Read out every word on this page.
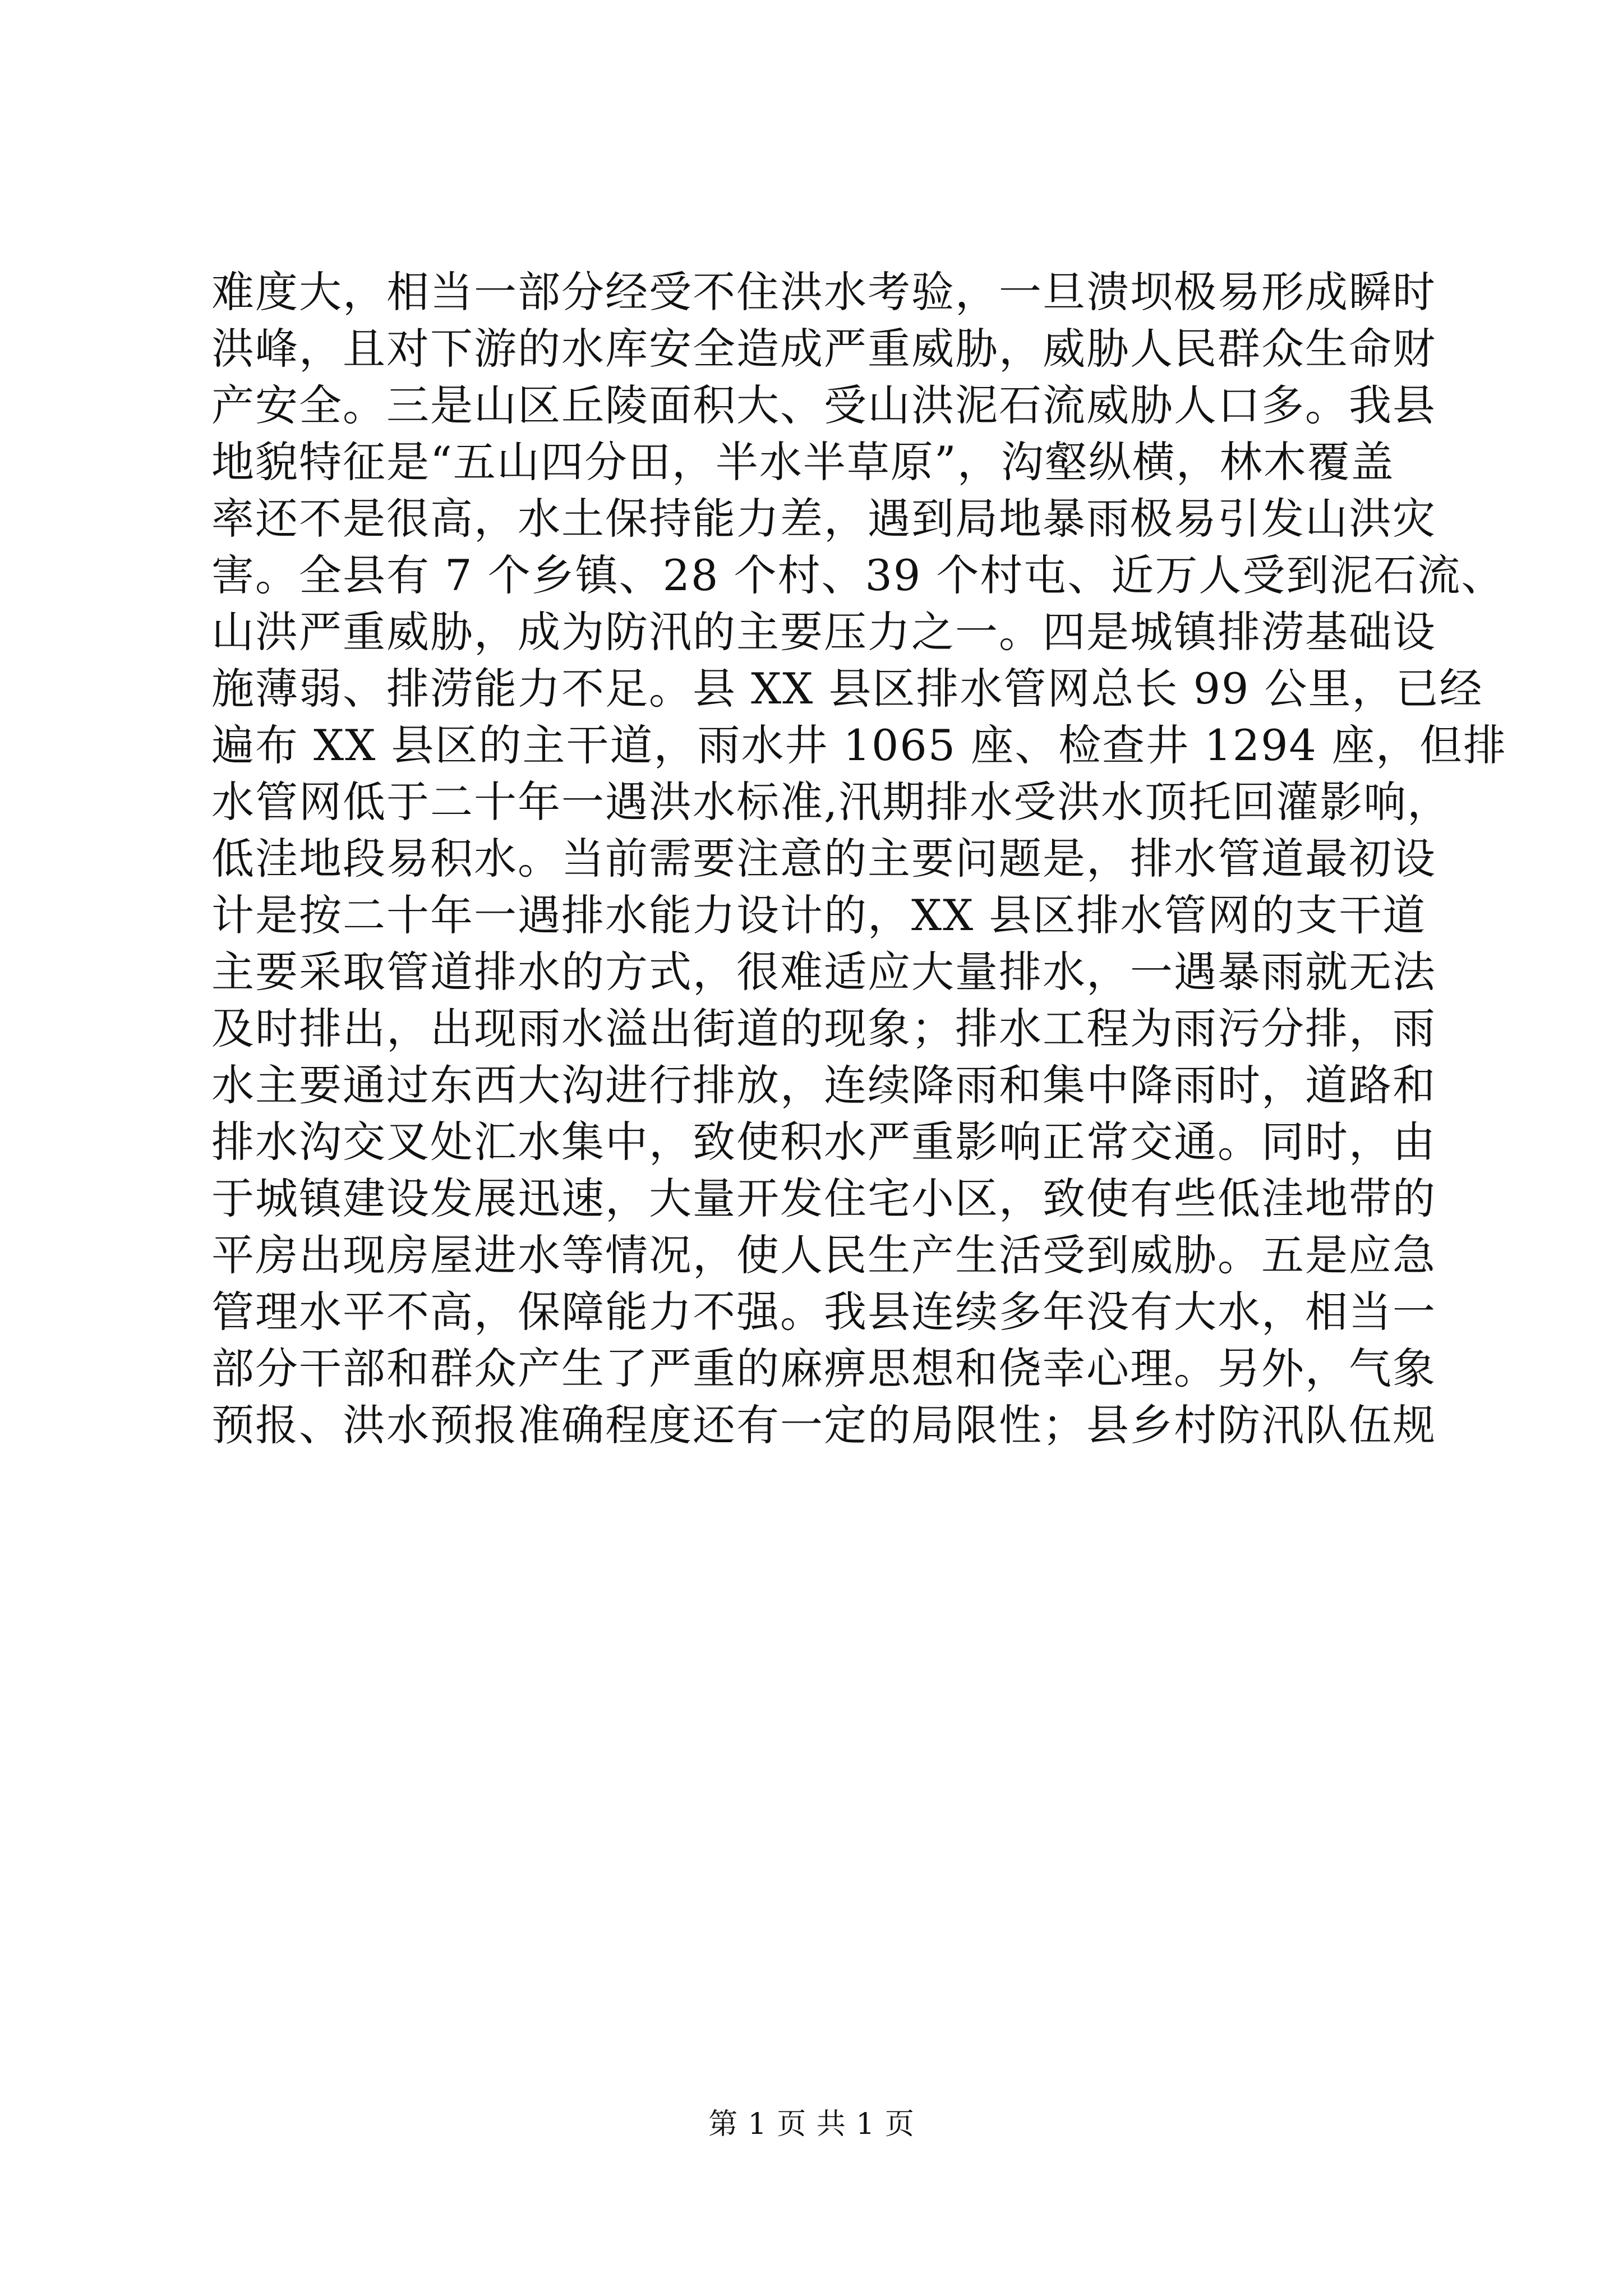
难度大，相当一部分经受不住洪水考验，一旦溃坝极易形成瞬时
洪峰，且对下游的水库安全造成严重威胁，威胁人民群众生命财
产安全。三是山区丘陵面积大、受山洪泥石流威胁人口多。我县
地貌特征是“五山四分田，半水半草原”，沟壑纵横，林木覆盖
率还不是很高，水土保持能力差，遇到局地暴雨极易引发山洪灾
害。全县有 7 个乡镇、28 个村、39 个村屯、近万人受到泥石流、
山洪严重威胁，成为防汛的主要压力之一。四是城镇排涝基础设
施薄弱、排涝能力不足。县 XX 县区排水管网总长 99 公里，已经
遍布 XX 县区的主干道，雨水井 1065 座、检查井 1294 座，但排
水管网低于二十年一遇洪水标准,汛期排水受洪水顶托回灌影响，
低洼地段易积水。当前需要注意的主要问题是，排水管道最初设
计是按二十年一遇排水能力设计的，XX 县区排水管网的支干道
主要采取管道排水的方式，很难适应大量排水，一遇暴雨就无法
及时排出，出现雨水溢出街道的现象；排水工程为雨污分排，雨
水主要通过东西大沟进行排放，连续降雨和集中降雨时，道路和
排水沟交叉处汇水集中，致使积水严重影响正常交通。同时，由
于城镇建设发展迅速，大量开发住宅小区，致使有些低洼地带的
平房出现房屋进水等情况，使人民生产生活受到威胁。五是应急
管理水平不高，保障能力不强。我县连续多年没有大水，相当一
部分干部和群众产生了严重的麻痹思想和侥幸心理。另外，气象
预报、洪水预报准确程度还有一定的局限性；县乡村防汛队伍规
第 1 页 共 1 页
